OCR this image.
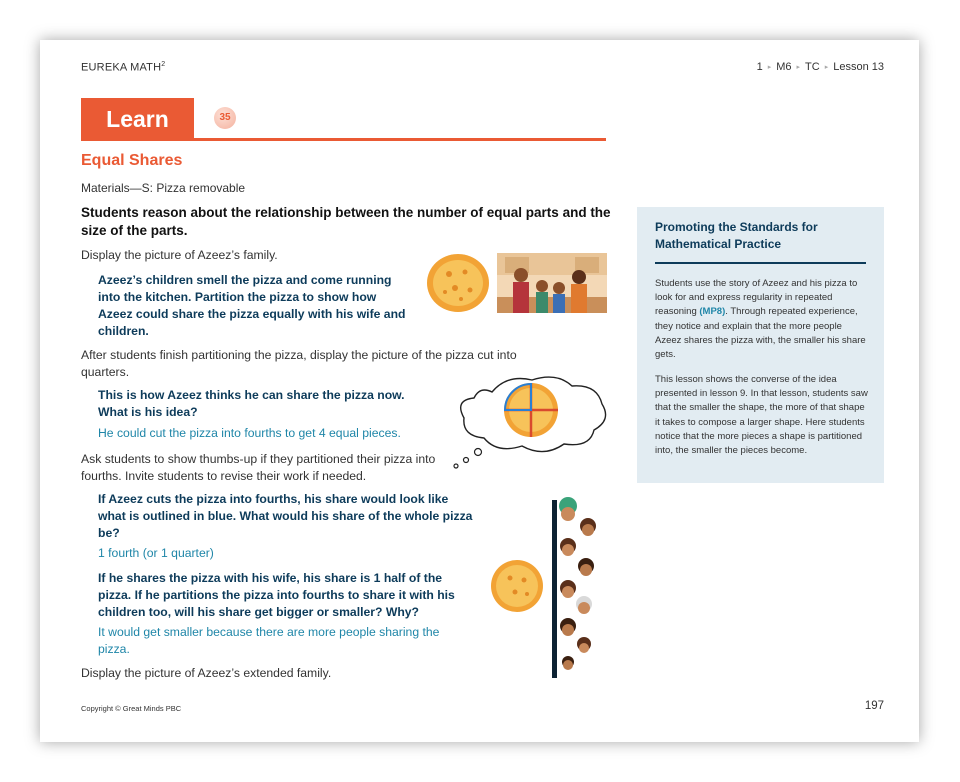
EUREKA MATH$^2$	1 ▸ M6 ▸ TC ▸ Lesson 13
Learn	35
Equal Shares
Materials—S: Pizza removable
Students reason about the relationship between the number of equal parts and the size of the parts.
Display the picture of Azeez’s family.
Azeez’s children smell the pizza and come running into the kitchen. Partition the pizza to show how Azeez could share the pizza equally with his wife and children.
After students finish partitioning the pizza, display the picture of the pizza cut into quarters.
This is how Azeez thinks he can share the pizza now. What is his idea?
He could cut the pizza into fourths to get 4 equal pieces.
Ask students to show thumbs-up if they partitioned their pizza into fourths. Invite students to revise their work if needed.
If Azeez cuts the pizza into fourths, his share would look like what is outlined in blue. What would his share of the whole pizza be?
1 fourth (or 1 quarter)
If he shares the pizza with his wife, his share is 1 half of the pizza. If he partitions the pizza into fourths to share it with his children too, will his share get bigger or smaller? Why?
It would get smaller because there are more people sharing the pizza.
Display the picture of Azeez’s extended family.
Promoting the Standards for Mathematical Practice
Students use the story of Azeez and his pizza to look for and express regularity in repeated reasoning (MP8). Through repeated experience, they notice and explain that the more people Azeez shares the pizza with, the smaller his share gets.
This lesson shows the converse of the idea presented in lesson 9. In that lesson, students saw that the smaller the shape, the more of that shape it takes to compose a larger shape. Here students notice that the more pieces a shape is partitioned into, the smaller the pieces become.
Copyright © Great Minds PBC	197
